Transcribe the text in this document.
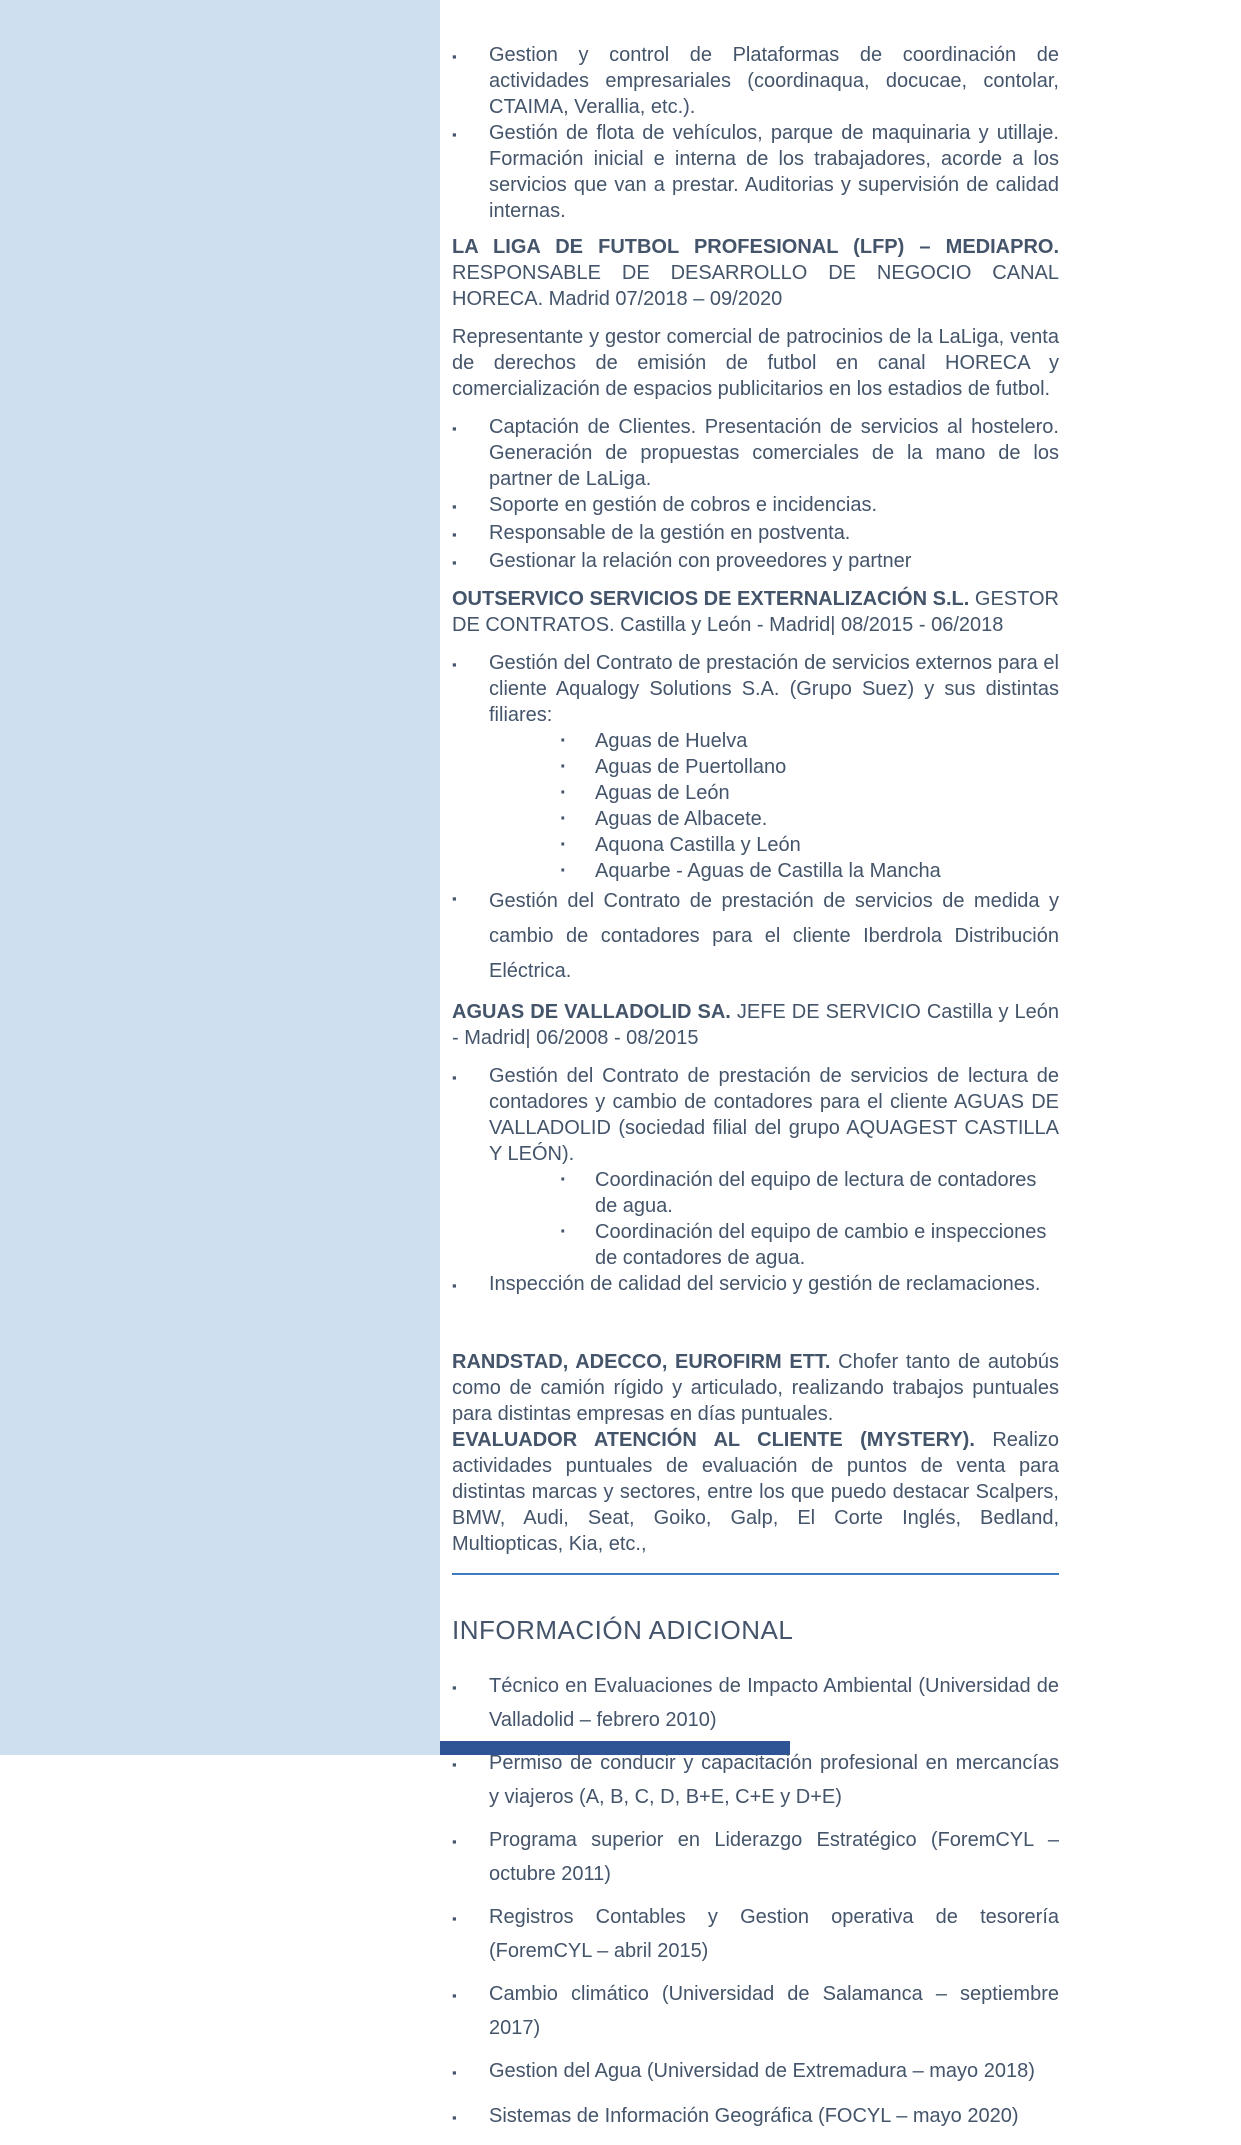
▪
Gestion y control de Plataformas de coordinación de actividades empresariales (coordinaqua, docucae, contolar, CTAIMA, Verallia, etc.).
▪
Gestión de flota de vehículos, parque de maquinaria y utillaje. Formación inicial e interna de los trabajadores, acorde a los servicios que van a prestar. Auditorias y supervisión de calidad internas.

LA LIGA DE FUTBOL PROFESIONAL (LFP) – MEDIAPRO. RESPONSABLE DE DESARROLLO DE NEGOCIO CANAL HORECA. Madrid 07/2018 – 09/2020

Representante y gestor comercial de patrocinios de la LaLiga, venta de derechos de emisión de futbol en canal HORECA y comercialización de espacios publicitarios en los estadios de futbol.

▪
Captación de Clientes. Presentación de servicios al hostelero. Generación de propuestas comerciales de la mano de los partner de LaLiga.
▪
Soporte en gestión de cobros e incidencias.
▪
Responsable de la gestión en postventa.
▪
Gestionar la relación con proveedores y partner

OUTSERVICO SERVICIOS DE EXTERNALIZACIÓN S.L. GESTOR DE CONTRATOS. Castilla y León - Madrid| 08/2015 - 06/2018

▪
Gestión del Contrato de prestación de servicios externos para el cliente Aqualogy Solutions S.A. (Grupo Suez) y sus distintas filiares:
·
Aguas de Huelva
·
Aguas de Puertollano
·
Aguas de León
·
Aguas de Albacete.
·
Aquona Castilla y León
·
Aquarbe - Aguas de Castilla la Mancha
▪
Gestión del Contrato de prestación de servicios de medida y cambio de contadores para el cliente Iberdrola Distribución Eléctrica.

AGUAS DE VALLADOLID SA. JEFE DE SERVICIO Castilla y León - Madrid| 06/2008 - 08/2015

▪
Gestión del Contrato de prestación de servicios de lectura de contadores y cambio de contadores para el cliente AGUAS DE VALLADOLID (sociedad filial del grupo AQUAGEST CASTILLA Y LEÓN).
·
Coordinación del equipo de lectura de contadores de agua.
·
Coordinación del equipo de cambio e inspecciones de contadores de agua.
▪
Inspección de calidad del servicio y gestión de reclamaciones.

RANDSTAD, ADECCO, EUROFIRM ETT. Chofer tanto de autobús como de camión rígido y articulado, realizando trabajos puntuales para distintas empresas en días puntuales.

EVALUADOR ATENCIÓN AL CLIENTE (MYSTERY). Realizo actividades puntuales de evaluación de puntos de venta para distintas marcas y sectores, entre los que puedo destacar Scalpers, BMW, Audi, Seat, Goiko, Galp, El Corte Inglés, Bedland, Multiopticas, Kia, etc.,

INFORMACIÓN ADICIONAL
▪
Técnico en Evaluaciones de Impacto Ambiental (Universidad de Valladolid – febrero 2010)
▪
Permiso de conducir y capacitación profesional en mercancías y viajeros (A, B, C, D, B+E, C+E y D+E)
▪
Programa superior en Liderazgo Estratégico (ForemCYL – octubre 2011)
▪
Registros Contables y Gestion operativa de tesorería (ForemCYL – abril 2015)
▪
Cambio climático (Universidad de Salamanca – septiembre 2017)
▪
Gestion del Agua (Universidad de Extremadura – mayo 2018)
▪
Sistemas de Información Geográfica (FOCYL – mayo 2020)
